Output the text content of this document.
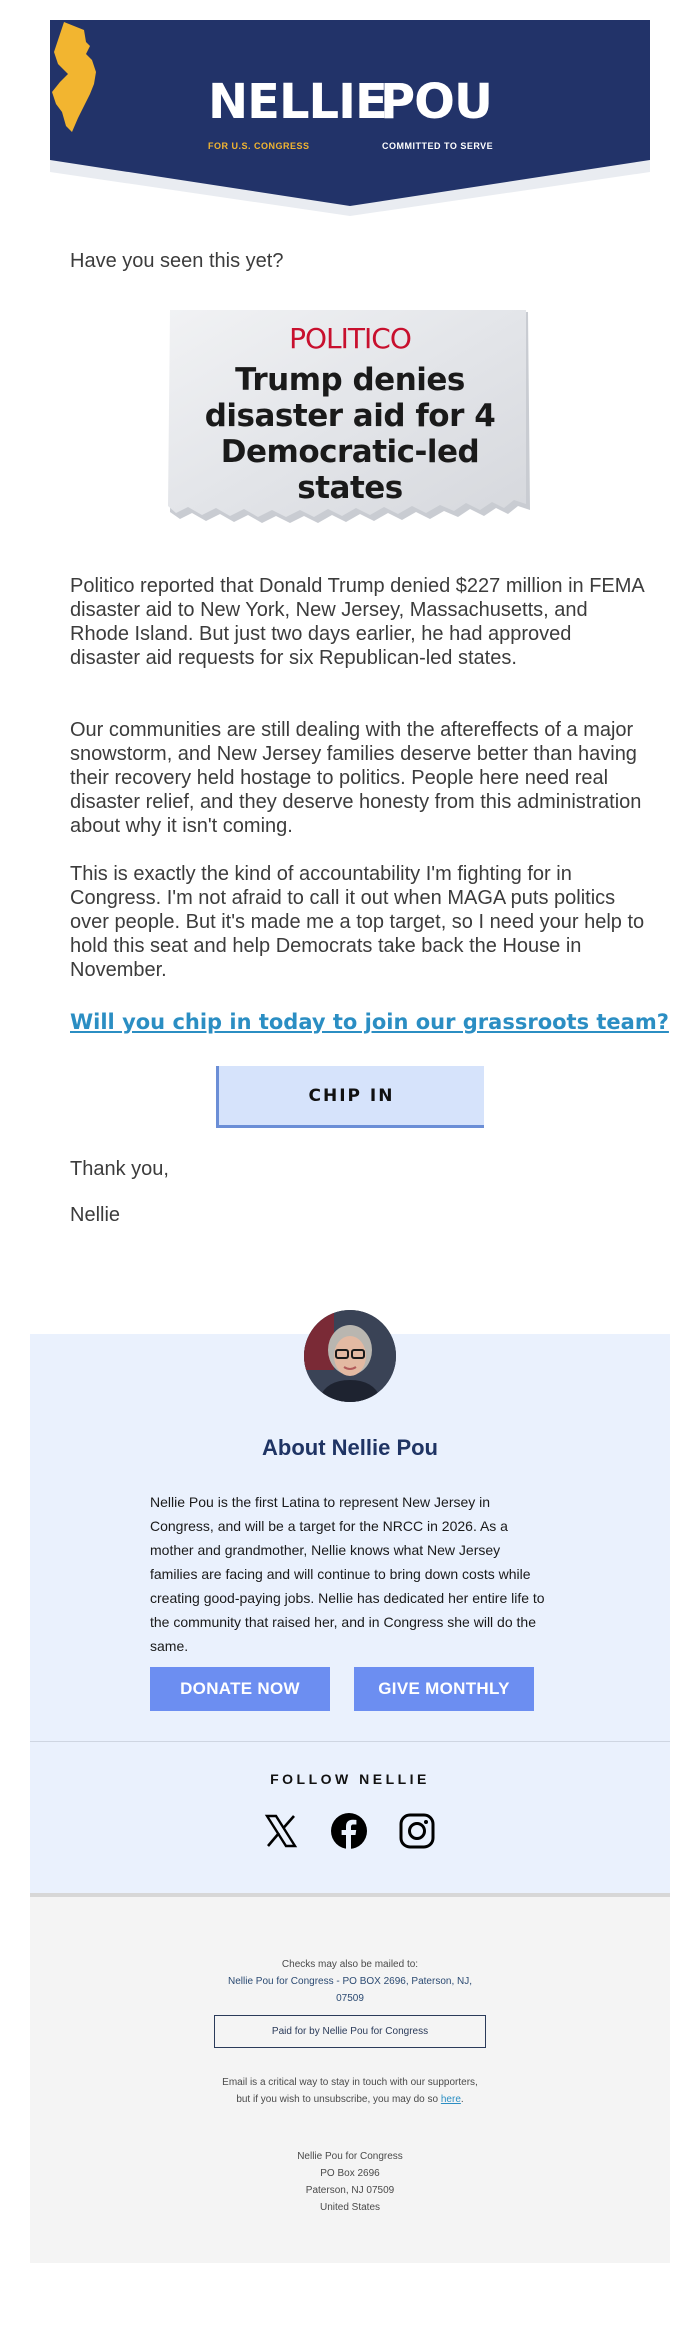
NELLIE
POU
FOR U.S. CONGRESS	COMMITTED TO SERVE

Have you seen this yet?

POLITICO
Trump denies disaster aid for 4 Democratic-led states

Politico reported that Donald Trump denied $227 million in FEMA disaster aid to New York, New Jersey, Massachusetts, and Rhode Island. But just two days earlier, he had approved disaster aid requests for six Republican-led states.

Our communities are still dealing with the aftereffects of a major snowstorm, and New Jersey families deserve better than having their recovery held hostage to politics. People here need real disaster relief, and they deserve honesty from this administration about why it isn't coming.

This is exactly the kind of accountability I'm fighting for in Congress. I'm not afraid to call it out when MAGA puts politics over people. But it's made me a top target, so I need your help to hold this seat and help Democrats take back the House in November.

Will you chip in today to join our grassroots team?
CHIP IN

Thank you,

Nellie

About Nellie Pou

Nellie Pou is the first Latina to represent New Jersey in Congress, and will be a target for the NRCC in 2026. As a mother and grandmother, Nellie knows what New Jersey families are facing and will continue to bring down costs while creating good-paying jobs. Nellie has dedicated her entire life to the community that raised her, and in Congress she will do the same.

DONATE NOW	GIVE MONTHLY
FOLLOW NELLIE
Checks may also be mailed to:
Nellie Pou for Congress - PO BOX 2696, Paterson, NJ, 07509
Paid for by Nellie Pou for Congress
Email is a critical way to stay in touch with our supporters, but if you wish to unsubscribe, you may do so here.
Nellie Pou for Congress
PO Box 2696
Paterson, NJ 07509
United States
